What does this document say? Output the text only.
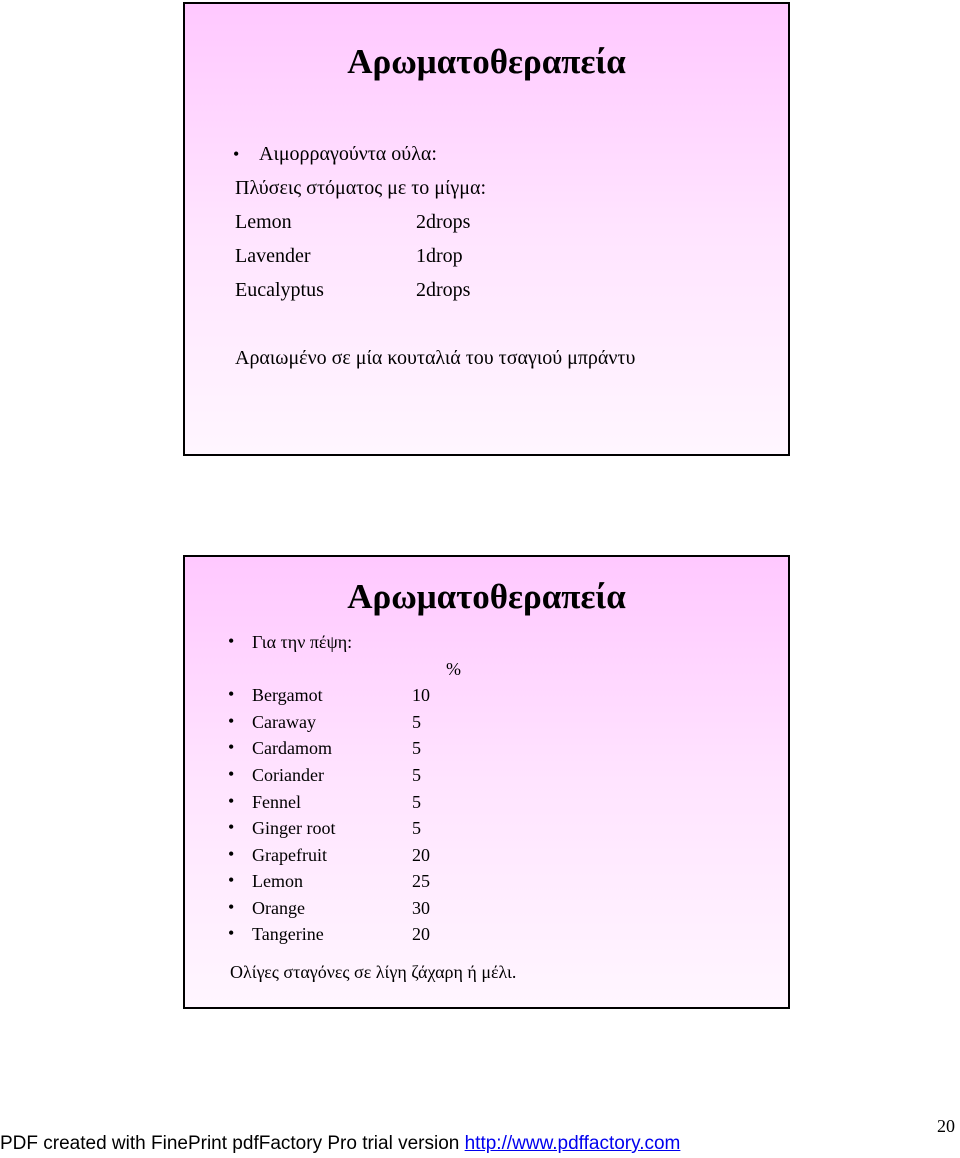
Αρωματοθεραπεία
• Αιμορραγούντα ούλα:
Πλύσεις στόματος με το μίγμα:
Lemon	2drops
Lavender	1drop
Eucalyptus	2drops
Αραιωμένο σε μία κουταλιά του τσαγιού μπράντυ
Αρωματοθεραπεία
• Για την πέψη:
%
• Bergamot	10
• Caraway	5
• Cardamom	5
• Coriander	5
• Fennel	5
• Ginger root	5
• Grapefruit	20
• Lemon	25
• Orange	30
• Tangerine	20
Ολίγες σταγόνες σε λίγη ζάχαρη ή μέλι.
20
PDF created with FinePrint pdfFactory Pro trial version http://www.pdffactory.com
